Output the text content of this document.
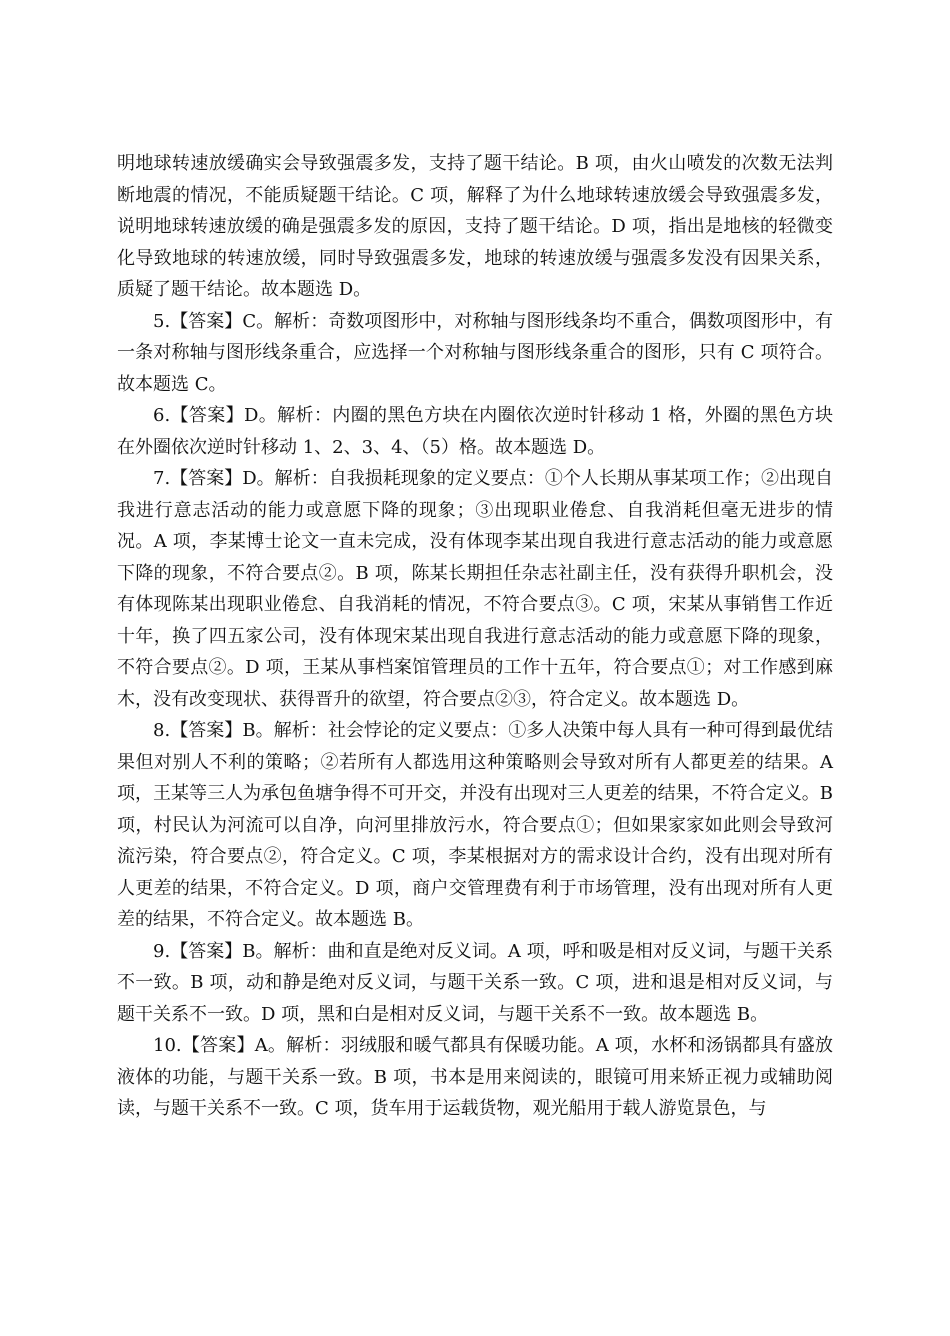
明地球转速放缓确实会导致强震多发，支持了题干结论。B 项，由火山喷发的次数无法判断地震的情况，不能质疑题干结论。C 项，解释了为什么地球转速放缓会导致强震多发，说明地球转速放缓的确是强震多发的原因，支持了题干结论。D 项，指出是地核的轻微变化导致地球的转速放缓，同时导致强震多发，地球的转速放缓与强震多发没有因果关系，质疑了题干结论。故本题选 D。

5.【答案】C。解析：奇数项图形中，对称轴与图形线条均不重合，偶数项图形中，有一条对称轴与图形线条重合，应选择一个对称轴与图形线条重合的图形，只有 C 项符合。故本题选 C。

6.【答案】D。解析：内圈的黑色方块在内圈依次逆时针移动 1 格，外圈的黑色方块在外圈依次逆时针移动 1、2、3、4、（5）格。故本题选 D。

7.【答案】D。解析：自我损耗现象的定义要点：①个人长期从事某项工作；②出现自我进行意志活动的能力或意愿下降的现象；③出现职业倦怠、自我消耗但毫无进步的情况。A 项，李某博士论文一直未完成，没有体现李某出现自我进行意志活动的能力或意愿下降的现象，不符合要点②。B 项，陈某长期担任杂志社副主任，没有获得升职机会，没有体现陈某出现职业倦怠、自我消耗的情况，不符合要点③。C 项，宋某从事销售工作近十年，换了四五家公司，没有体现宋某出现自我进行意志活动的能力或意愿下降的现象，不符合要点②。D 项，王某从事档案馆管理员的工作十五年，符合要点①；对工作感到麻木，没有改变现状、获得晋升的欲望，符合要点②③，符合定义。故本题选 D。

8.【答案】B。解析：社会悖论的定义要点：①多人决策中每人具有一种可得到最优结果但对别人不利的策略；②若所有人都选用这种策略则会导致对所有人都更差的结果。A 项，王某等三人为承包鱼塘争得不可开交，并没有出现对三人更差的结果，不符合定义。B 项，村民认为河流可以自净，向河里排放污水，符合要点①；但如果家家如此则会导致河流污染，符合要点②，符合定义。C 项，李某根据对方的需求设计合约，没有出现对所有人更差的结果，不符合定义。D 项，商户交管理费有利于市场管理，没有出现对所有人更差的结果，不符合定义。故本题选 B。

9.【答案】B。解析：曲和直是绝对反义词。A 项，呼和吸是相对反义词，与题干关系不一致。B 项，动和静是绝对反义词，与题干关系一致。C 项，进和退是相对反义词，与题干关系不一致。D 项，黑和白是相对反义词，与题干关系不一致。故本题选 B。

10.【答案】A。解析：羽绒服和暖气都具有保暖功能。A 项，水杯和汤锅都具有盛放液体的功能，与题干关系一致。B 项，书本是用来阅读的，眼镜可用来矫正视力或辅助阅读，与题干关系不一致。C 项，货车用于运载货物，观光船用于载人游览景色，与
